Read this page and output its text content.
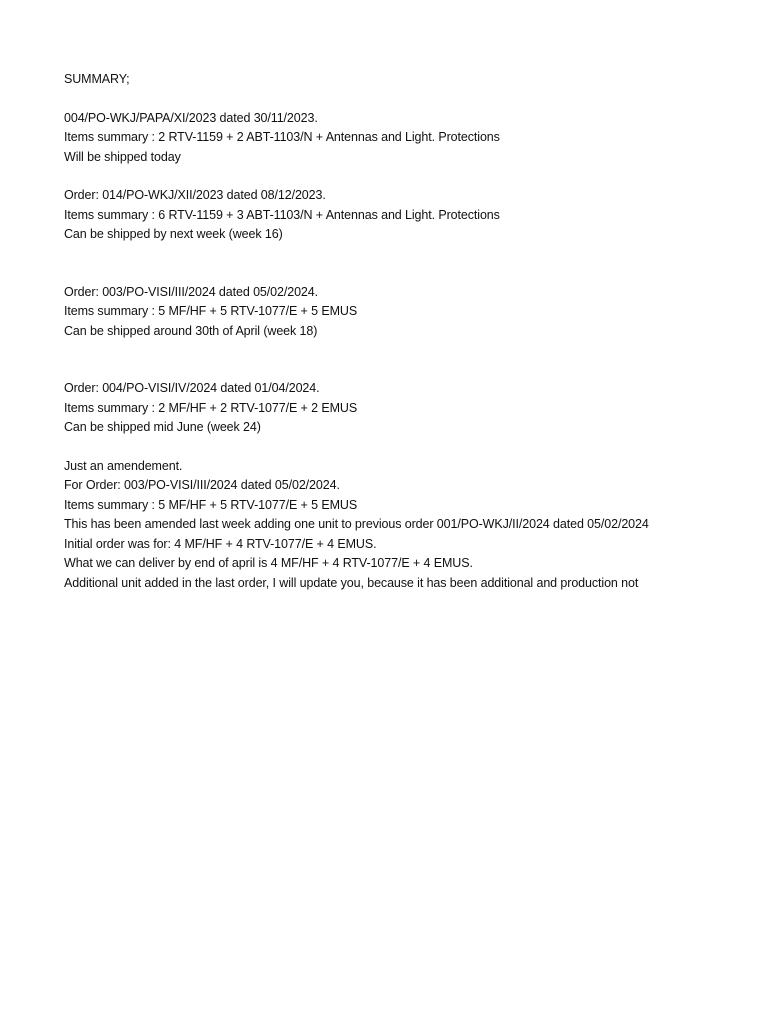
SUMMARY;
004/PO-WKJ/PAPA/XI/2023 dated 30/11/2023.
Items summary : 2 RTV-1159 + 2 ABT-1103/N + Antennas and Light. Protections
Will be shipped today
Order: 014/PO-WKJ/XII/2023 dated 08/12/2023.
Items summary : 6 RTV-1159 + 3 ABT-1103/N + Antennas and Light. Protections
Can be shipped by next week (week 16)
Order: 003/PO-VISI/III/2024 dated 05/02/2024.
Items summary : 5 MF/HF + 5 RTV-1077/E + 5 EMUS
Can be shipped around 30th of April (week 18)
Order: 004/PO-VISI/IV/2024 dated 01/04/2024.
Items summary : 2 MF/HF + 2 RTV-1077/E + 2 EMUS
Can be shipped mid June (week 24)
Just an amendement.
For Order: 003/PO-VISI/III/2024 dated 05/02/2024.
Items summary : 5 MF/HF + 5 RTV-1077/E + 5 EMUS
This has been amended last week adding one unit to previous order 001/PO-WKJ/II/2024 dated 05/02/2024
Initial order was for: 4 MF/HF + 4 RTV-1077/E + 4 EMUS.
What we can deliver by end of april is 4 MF/HF + 4 RTV-1077/E + 4 EMUS.
Additional unit added in the last order, I will update you, because it has been additional and production not
